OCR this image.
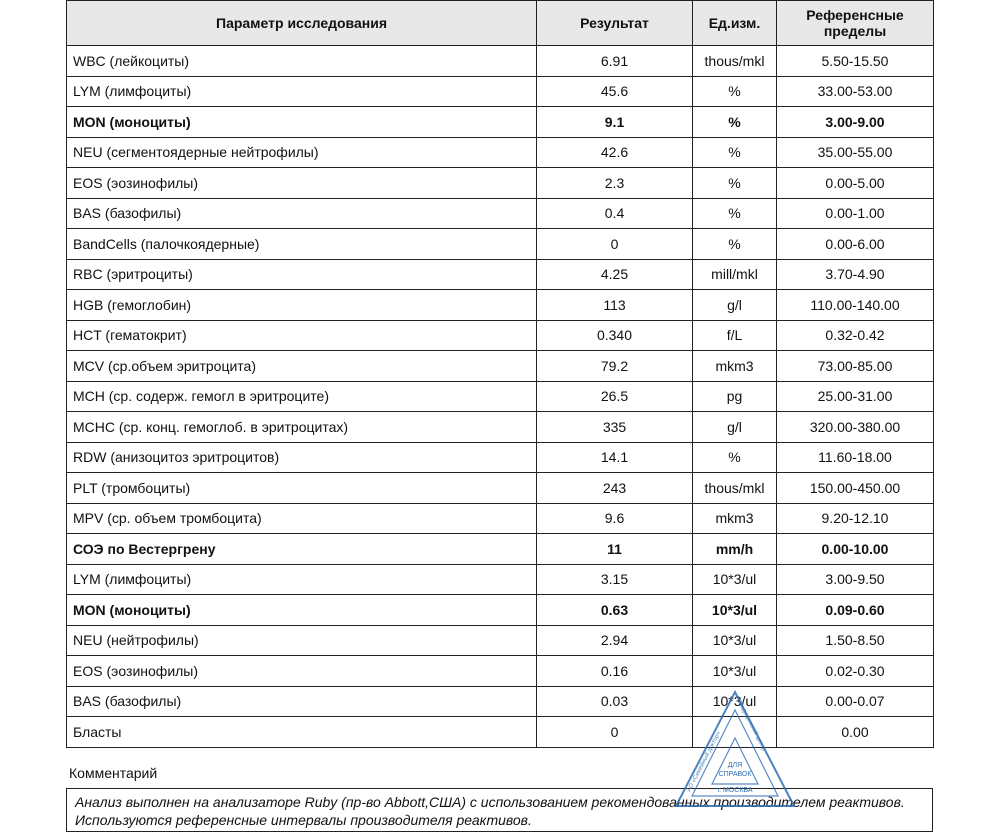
Параметр исследования	Результат	Ед.изм.	Референсные
пределы
WBC (лейкоциты)	6.91	thous/mkl	5.50-15.50
LYM (лимфоциты)	45.6	%	33.00-53.00
MON (моноциты)	9.1	%	3.00-9.00
NEU (сегментоядерные нейтрофилы)	42.6	%	35.00-55.00
EOS (эозинофилы)	2.3	%	0.00-5.00
BAS (базофилы)	0.4	%	0.00-1.00
BandCells (палочкоядерные)	0	%	0.00-6.00
RBC (эритроциты)	4.25	mill/mkl	3.70-4.90
HGB (гемоглобин)	113	g/l	110.00-140.00
HCT (гематокрит)	0.340	f/L	0.32-0.42
MCV (ср.объем эритроцита)	79.2	mkm3	73.00-85.00
MCH (ср. содерж. гемогл в эритроците)	26.5	pg	25.00-31.00
MCHC (ср. конц. гемоглоб. в эритроцитах)	335	g/l	320.00-380.00
RDW (анизоцитоз эритроцитов)	14.1	%	11.60-18.00
PLT (тромбоциты)	243	thous/mkl	150.00-450.00
MPV (ср. объем тромбоцита)	9.6	mkm3	9.20-12.10
СОЭ по Вестергрену	11	mm/h	0.00-10.00
LYM (лимфоциты)	3.15	10*3/ul	3.00-9.50
MON (моноциты)	0.63	10*3/ul	0.09-0.60
NEU (нейтрофилы)	2.94	10*3/ul	1.50-8.50
EOS (эозинофилы)	0.16	10*3/ul	0.02-0.30
BAS (базофилы)	0.03	10*3/ul	0.00-0.07
Бласты	0		0.00
Комментарий
Анализ выполнен на анализаторе Ruby (пр-во Abbott,США) с использованием рекомендованных производителем реактивов. Используются референсные интервалы производителя реактивов.
АО «Семейный доктор»
Медицинский центр
ДЛЯ
СПРАВОК
г. МОСКВА
